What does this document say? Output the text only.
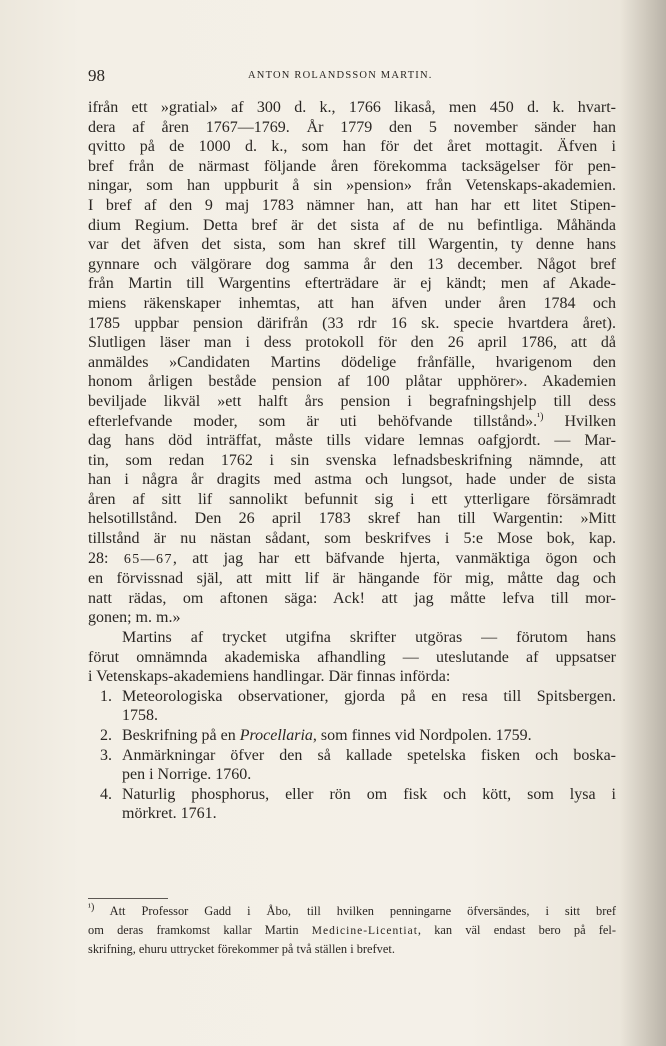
98	ANTON ROLANDSSON MARTIN.
ifrån ett »gratial» af 300 d. k., 1766 likaså, men 450 d. k. hvart-
dera af åren 1767—1769. År 1779 den 5 november sänder han
qvitto på de 1000 d. k., som han för det året mottagit. Äfven i
bref från de närmast följande åren förekomma tacksägelser för pen-
ningar, som han uppburit å sin »pension» från Vetenskaps-akademien.
I bref af den 9 maj 1783 nämner han, att han har ett litet Stipen-
dium Regium. Detta bref är det sista af de nu befintliga. Måhända
var det äfven det sista, som han skref till Wargentin, ty denne hans
gynnare och välgörare dog samma år den 13 december. Något bref
från Martin till Wargentins efterträdare är ej kändt; men af Akade-
miens räkenskaper inhemtas, att han äfven under åren 1784 och
1785 uppbar pension därifrån (33 rdr 16 sk. specie hvartdera året).
Slutligen läser man i dess protokoll för den 26 april 1786, att då
anmäldes »Candidaten Martins dödelige frånfälle, hvarigenom den
honom årligen beståde pension af 100 plåtar upphörer». Akademien
beviljade likväl »ett halft års pension i begrafningshjelp till dess
efterlefvande moder, som är uti behöfvande tillstånd».$^{^1)}$ Hvilken
dag hans död inträffat, måste tills vidare lemnas oafgjordt. — Mar-
tin, som redan 1762 i sin svenska lefnadsbeskrifning nämnde, att
han i några år dragits med astma och lungsot, hade under de sista
åren af sitt lif sannolikt befunnit sig i ett ytterligare försämradt
helsotillstånd. Den 26 april 1783 skref han till Wargentin: »Mitt
tillstånd är nu nästan sådant, som beskrifves i 5:e Mose bok, kap.
28: 65—67, att jag har ett bäfvande hjerta, vanmäktiga ögon och
en förvissnad själ, att mitt lif är hängande för mig, måtte dag och
natt rädas, om aftonen säga: Ack! att jag måtte lefva till mor-
gonen; m. m.»
Martins af trycket utgifna skrifter utgöras — förutom hans
förut omnämnda akademiska afhandling — uteslutande af uppsatser
i Vetenskaps-akademiens handlingar. Där finnas införda:
1. Meteorologiska observationer, gjorda på en resa till Spitsbergen.
1758.
2. Beskrifning på en Procellaria, som finnes vid Nordpolen. 1759.
3. Anmärkningar öfver den så kallade spetelska fisken och boska-
pen i Norrige. 1760.
4. Naturlig phosphorus, eller rön om fisk och kött, som lysa i
mörkret. 1761.
$^{^1)}$ Att Professor Gadd i Åbo, till hvilken penningarne öfversändes, i sitt bref
om deras framkomst kallar Martin Medicine-Licentiat, kan väl endast bero på fel-
skrifning, ehuru uttrycket förekommer på två ställen i brefvet.
